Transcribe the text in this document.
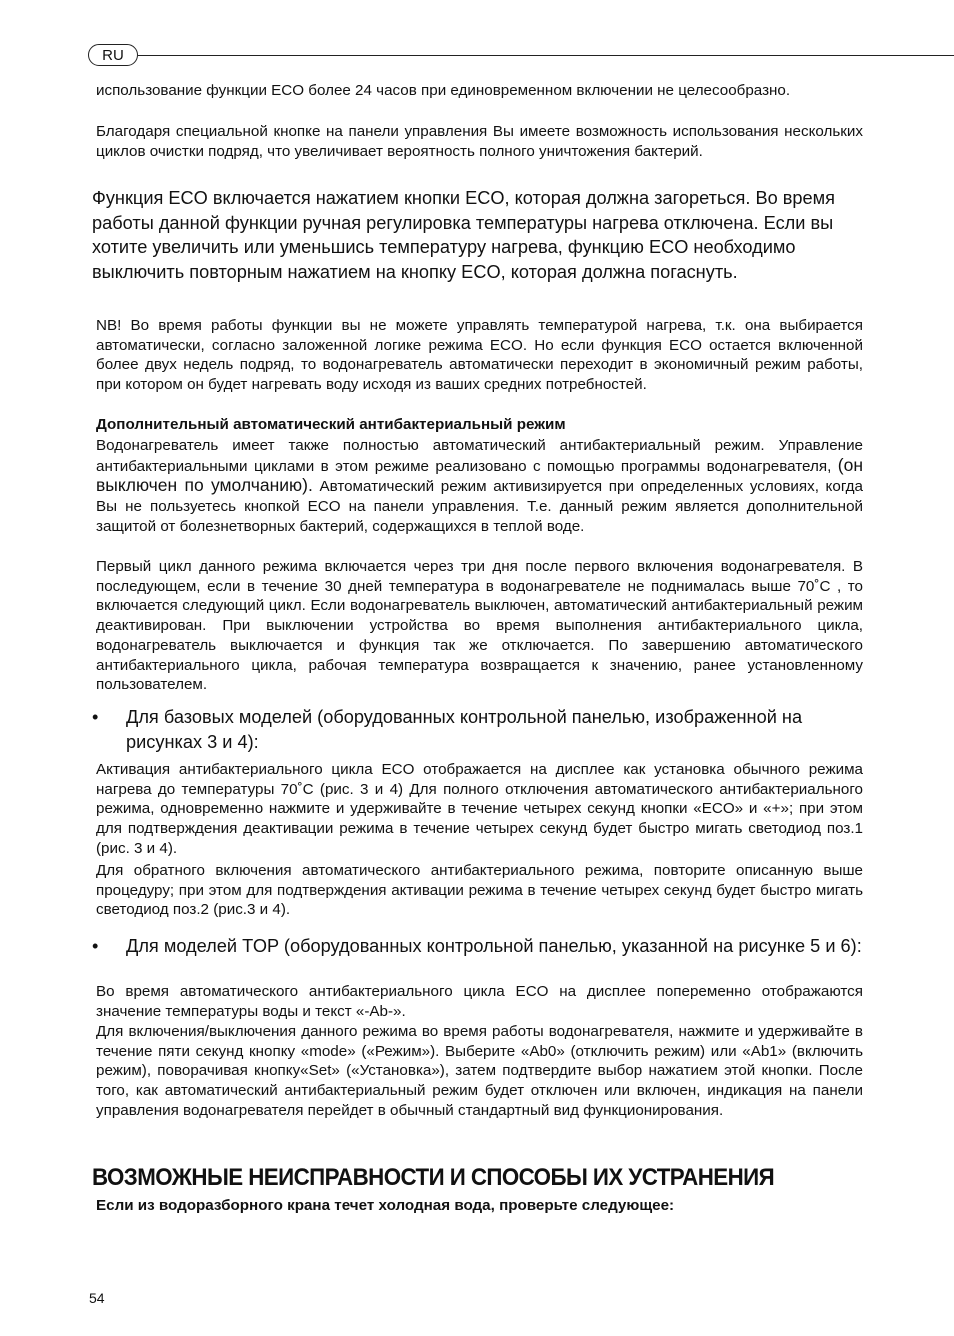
RU

использование функции ECO более 24 часов при единовременном включении не целесообразно.

Благодаря специальной кнопке на панели управления Вы имеете возможность использования нескольких циклов очистки подряд, что увеличивает вероятность полного уничтожения бактерий.

Функция ECO включается нажатием кнопки ECO, которая должна загореться. Во время работы данной функции ручная регулировка температуры нагрева отключена. Если вы хотите увеличить или уменьшись температуру нагрева, функцию ECO необходимо выключить повторным нажатием на кнопку ECO, которая должна погаснуть.

NB! Во время работы функции вы не можете управлять температурой нагрева, т.к. она выбирается автоматически, согласно заложенной логике режима ECO. Но если функция ECO остается включенной более двух недель подряд, то водонагреватель автоматически переходит в экономичный режим работы, при котором он будет нагревать воду исходя из ваших средних потребностей.

Дополнительный автоматический антибактериальный режим

Водонагреватель имеет также полностью автоматический антибактериальный режим. Управление антибактериальными циклами в этом режиме реализовано с помощью программы водонагревателя, (он выключен по умолчанию). Автоматический режим активизируется при определенных условиях, когда Вы не пользуетесь кнопкой ECO на панели управления. Т.е. данный режим является дополнительной защитой от болезнетворных бактерий, содержащихся в теплой воде.

Первый цикл данного режима включается через три дня после первого включения водонагревателя. В последующем, если в течение 30 дней температура в водонагревателе не поднималась выше 70˚С , то включается следующий цикл. Если водонагреватель выключен, автоматический антибактериальный режим деактивирован. При выключении устройства во время выполнения антибактериального цикла, водонагреватель выключается и функция так же отключается. По завершению автоматического антибактериального цикла, рабочая температура возвращается к значению, ранее установленному пользователем.

• Для базовых моделей (оборудованных контрольной панелью, изображенной на рисунках 3 и 4):

Активация антибактериального цикла ECO отображается на дисплее как установка обычного режима нагрева до температуры 70˚С (рис. 3 и 4) Для полного отключения автоматического антибактериального режима, одновременно нажмите и удерживайте в течение четырех секунд кнопки «ECO» и «+»; при этом для подтверждения деактивации режима в течение четырех секунд будет быстро мигать светодиод поз.1 (рис. 3 и 4).

Для обратного включения автоматического антибактериального режима, повторите описанную выше процедуру; при этом для подтверждения активации режима в течение четырех секунд будет быстро мигать светодиод поз.2 (рис.3 и 4).

• Для моделей TOP (оборудованных контрольной панелью, указанной на рисунке 5 и 6):

Во время автоматического антибактериального цикла ECO на дисплее попеременно отображаются значение температуры воды и текст «-Ab-».

Для включения/выключения данного режима во время работы водонагревателя, нажмите и удерживайте в течение пяти секунд кнопку «mode» («Режим»). Выберите «Ab0» (отключить режим) или «Ab1» (включить режим), поворачивая кнопку«Set» («Установка»), затем подтвердите выбор нажатием этой кнопки. После того, как автоматический антибактериальный режим будет отключен или включен, индикация на панели управления водонагревателя перейдет в обычный стандартный вид функционирования.

ВОЗМОЖНЫЕ НЕИСПРАВНОСТИ И СПОСОБЫ ИХ УСТРАНЕНИЯ

Если из водоразборного крана течет холодная вода, проверьте следующее:

54
